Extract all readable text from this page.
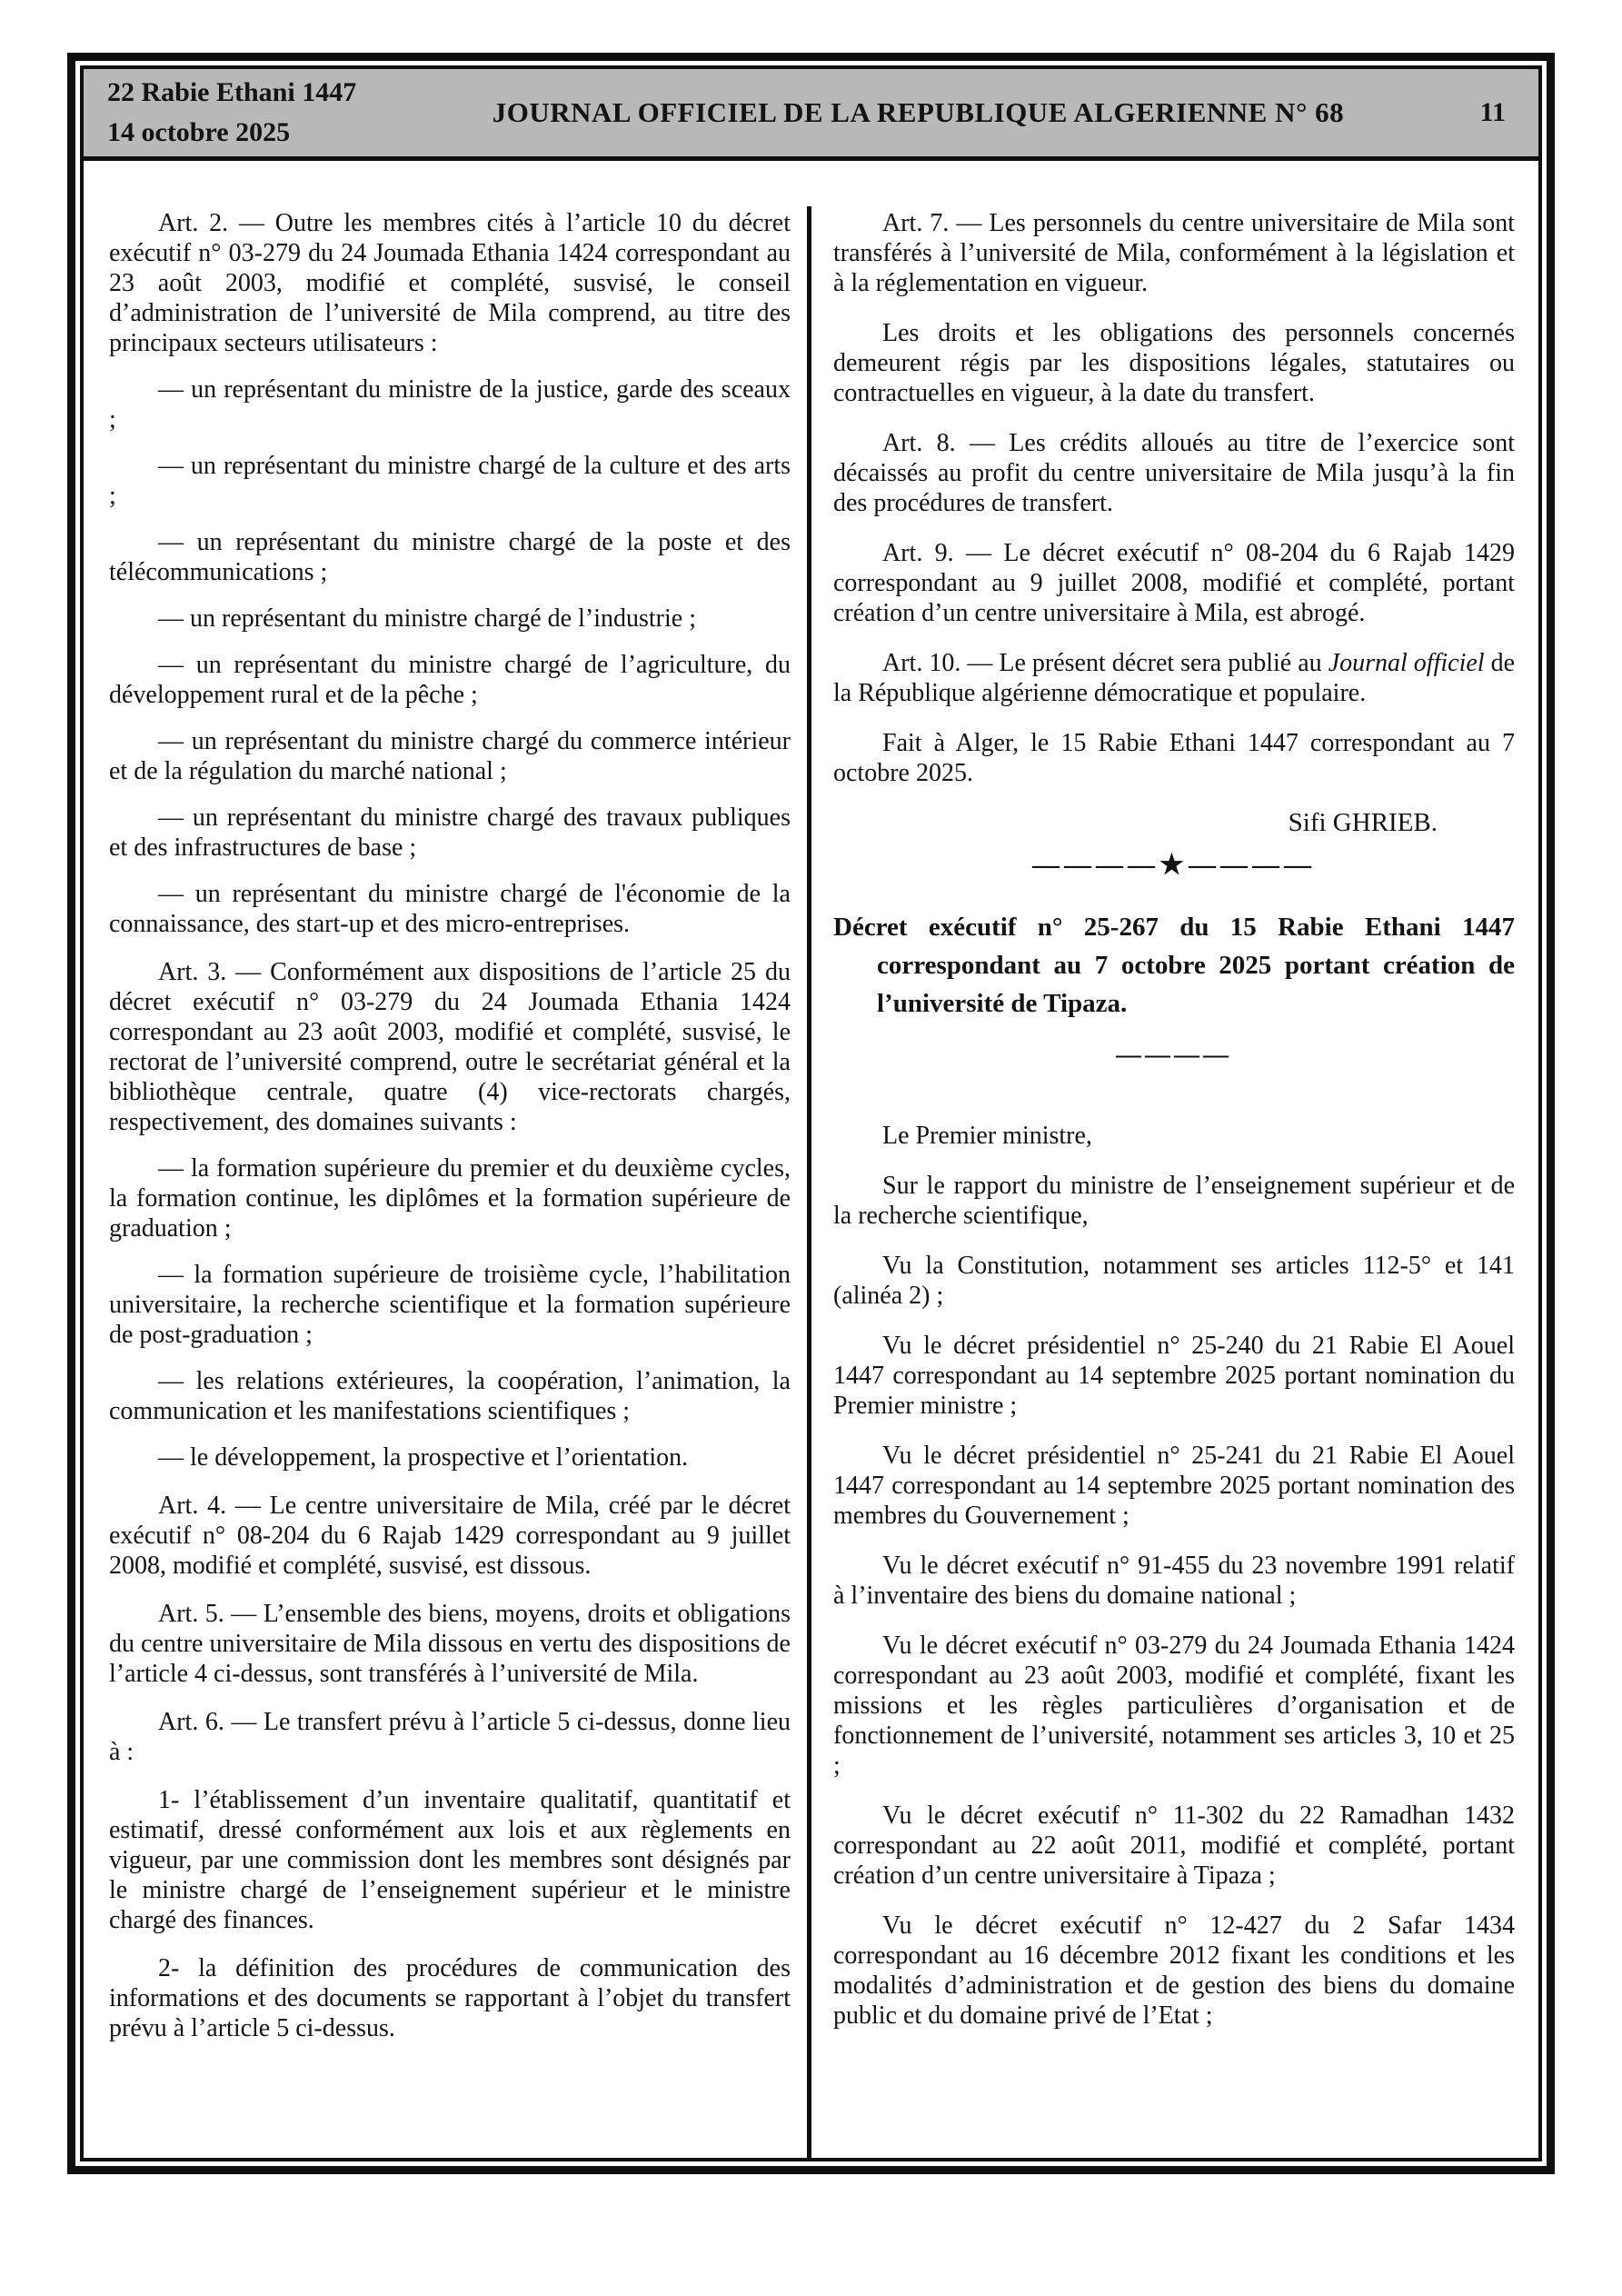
22 Rabie Ethani 1447
14 octobre 2025
JOURNAL OFFICIEL DE LA REPUBLIQUE ALGERIENNE N° 68	11

Art. 2. — Outre les membres cités à l’article 10 du décret exécutif n° 03-279 du 24 Joumada Ethania 1424 correspondant au 23 août 2003, modifié et complété, susvisé, le conseil d’administration de l’université de Mila comprend, au titre des principaux secteurs utilisateurs :

— un représentant du ministre de la justice, garde des sceaux ;

— un représentant du ministre chargé de la culture et des arts ;

— un représentant du ministre chargé de la poste et des télécommunications ;

— un représentant du ministre chargé de l’industrie ;

— un représentant du ministre chargé de l’agriculture, du développement rural et de la pêche ;

— un représentant du ministre chargé du commerce intérieur et de la régulation du marché national ;

— un représentant du ministre chargé des travaux publiques et des infrastructures de base ;

— un représentant du ministre chargé de l'économie de la connaissance, des start-up et des micro-entreprises.

Art. 3. — Conformément aux dispositions de l’article 25 du décret exécutif n° 03-279 du 24 Joumada Ethania 1424 correspondant au 23 août 2003, modifié et complété, susvisé, le rectorat de l’université comprend, outre le secrétariat général et la bibliothèque centrale, quatre (4) vice-rectorats chargés, respectivement, des domaines suivants :

— la formation supérieure du premier et du deuxième cycles, la formation continue, les diplômes et la formation supérieure de graduation ;

— la formation supérieure de troisième cycle, l’habilitation universitaire, la recherche scientifique et la formation supérieure de post-graduation ;

— les relations extérieures, la coopération, l’animation, la communication et les manifestations scientifiques ;

— le développement, la prospective et l’orientation.

Art. 4. — Le centre universitaire de Mila, créé par le décret exécutif n° 08-204 du 6 Rajab 1429 correspondant au 9 juillet 2008, modifié et complété, susvisé, est dissous.

Art. 5. — L’ensemble des biens, moyens, droits et obligations du centre universitaire de Mila dissous en vertu des dispositions de l’article 4 ci-dessus, sont transférés à l’université de Mila.

Art. 6. — Le transfert prévu à l’article 5 ci-dessus, donne lieu à :

1- l’établissement d’un inventaire qualitatif, quantitatif et estimatif, dressé conformément aux lois et aux règlements en vigueur, par une commission dont les membres sont désignés par le ministre chargé de l’enseignement supérieur et le ministre chargé des finances.

2- la définition des procédures de communication des informations et des documents se rapportant à l’objet du transfert prévu à l’article 5 ci-dessus.

Art. 7. — Les personnels du centre universitaire de Mila sont transférés à l’université de Mila, conformément à la législation et à la réglementation en vigueur.

Les droits et les obligations des personnels concernés demeurent régis par les dispositions légales, statutaires ou contractuelles en vigueur, à la date du transfert.

Art. 8. — Les crédits alloués au titre de l’exercice sont décaissés au profit du centre universitaire de Mila jusqu’à la fin des procédures de transfert.

Art. 9. — Le décret exécutif n° 08-204 du 6 Rajab 1429 correspondant au 9 juillet 2008, modifié et complété, portant création d’un centre universitaire à Mila, est abrogé.

Art. 10. — Le présent décret sera publié au Journal officiel de la République algérienne démocratique et populaire.

Fait à Alger, le 15 Rabie Ethani 1447 correspondant au 7 octobre 2025.

Sifi GHRIEB.

————★————

Décret exécutif n° 25-267 du 15 Rabie Ethani 1447 correspondant au 7 octobre 2025 portant création de l’université de Tipaza.

————

Le Premier ministre,

Sur le rapport du ministre de l’enseignement supérieur et de la recherche scientifique,

Vu la Constitution, notamment ses articles 112-5° et 141 (alinéa 2) ;

Vu le décret présidentiel n° 25-240 du 21 Rabie El Aouel 1447 correspondant au 14 septembre 2025 portant nomination du Premier ministre ;

Vu le décret présidentiel n° 25-241 du 21 Rabie El Aouel 1447 correspondant au 14 septembre 2025 portant nomination des membres du Gouvernement ;

Vu le décret exécutif n° 91-455 du 23 novembre 1991 relatif à l’inventaire des biens du domaine national ;

Vu le décret exécutif n° 03-279 du 24 Joumada Ethania 1424 correspondant au 23 août 2003, modifié et complété, fixant les missions et les règles particulières d’organisation et de fonctionnement de l’université, notamment ses articles 3, 10 et 25 ;

Vu le décret exécutif n° 11-302 du 22 Ramadhan 1432 correspondant au 22 août 2011, modifié et complété, portant création d’un centre universitaire à Tipaza ;

Vu le décret exécutif n° 12-427 du 2 Safar 1434 correspondant au 16 décembre 2012 fixant les conditions et les modalités d’administration et de gestion des biens du domaine public et du domaine privé de l’Etat ;
